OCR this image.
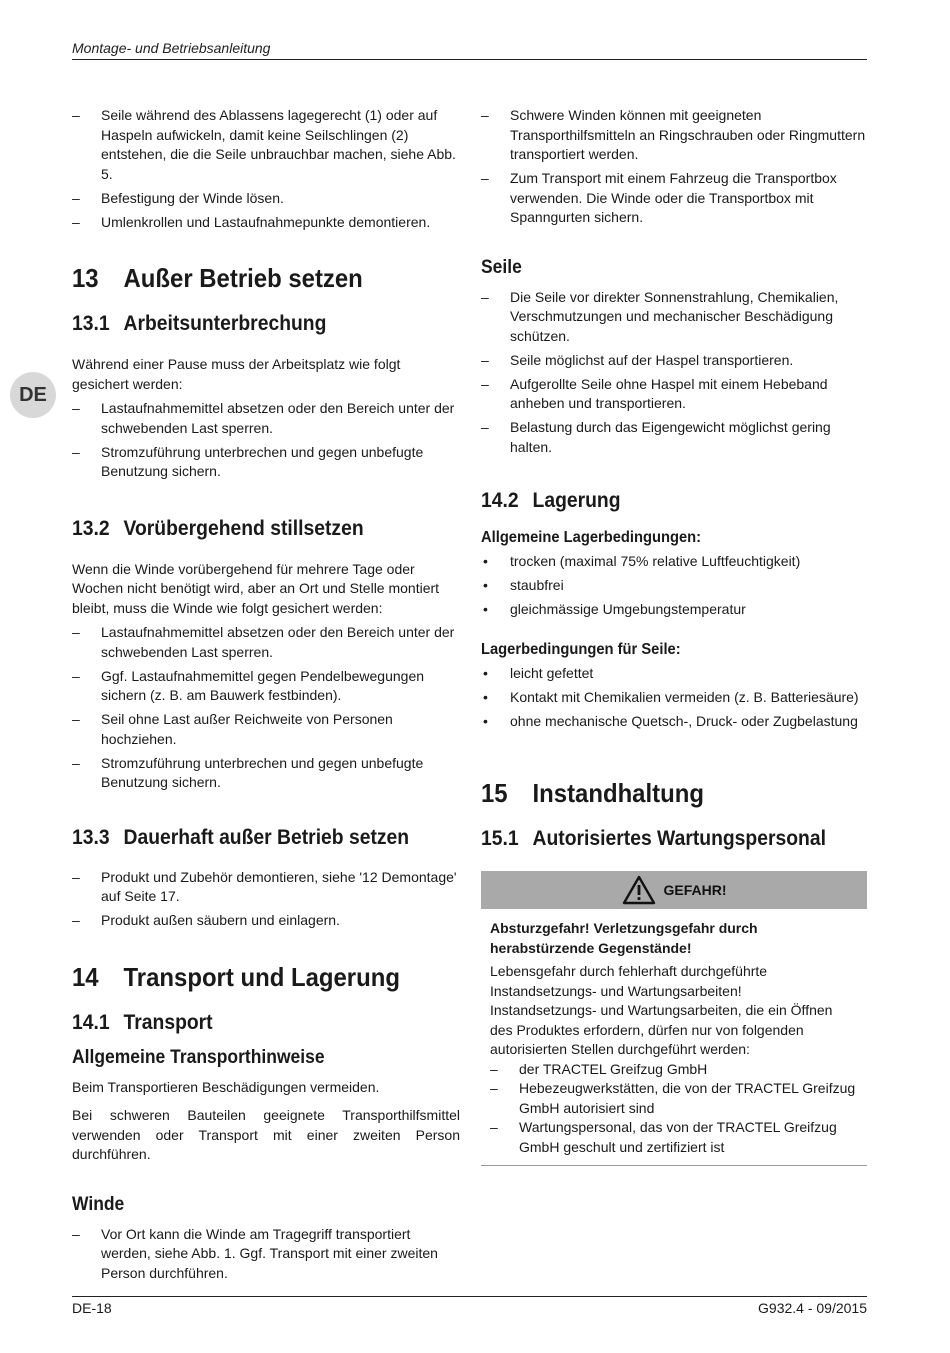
Montage- und Betriebsanleitung
DE
– Seile während des Ablassens lagegerecht (1) oder auf Haspeln aufwickeln, damit keine Seilschlingen (2) entstehen, die die Seile unbrauchbar machen, siehe Abb. 5.
– Befestigung der Winde lösen.
– Umlenkrollen und Lastaufnahmepunkte demontieren.
13 Außer Betrieb setzen
13.1 Arbeitsunterbrechung

Während einer Pause muss der Arbeitsplatz wie folgt gesichert werden:

– Lastaufnahmemittel absetzen oder den Bereich unter der schwebenden Last sperren.
– Stromzuführung unterbrechen und gegen unbefugte Benutzung sichern.
13.2 Vorübergehend stillsetzen

Wenn die Winde vorübergehend für mehrere Tage oder Wochen nicht benötigt wird, aber an Ort und Stelle montiert bleibt, muss die Winde wie folgt gesichert werden:

– Lastaufnahmemittel absetzen oder den Bereich unter der schwebenden Last sperren.
– Ggf. Lastaufnahmemittel gegen Pendelbewegungen sichern (z. B. am Bauwerk festbinden).
– Seil ohne Last außer Reichweite von Personen hochziehen.
– Stromzuführung unterbrechen und gegen unbefugte Benutzung sichern.
13.3 Dauerhaft außer Betrieb setzen
– Produkt und Zubehör demontieren, siehe '12 Demontage' auf Seite 17.
– Produkt außen säubern und einlagern.
14 Transport und Lagerung
14.1 Transport
Allgemeine Transporthinweise

Beim Transportieren Beschädigungen vermeiden.

Bei schweren Bauteilen geeignete Transporthilfsmittel verwenden oder Transport mit einer zweiten Person durchführen.

Winde
– Vor Ort kann die Winde am Tragegriff transportiert werden, siehe Abb. 1. Ggf. Transport mit einer zweiten Person durchführen.
– Schwere Winden können mit geeigneten Transporthilfsmitteln an Ringschrauben oder Ringmuttern transportiert werden.
– Zum Transport mit einem Fahrzeug die Transportbox verwenden. Die Winde oder die Transportbox mit Spanngurten sichern.
Seile
– Die Seile vor direkter Sonnenstrahlung, Chemikalien, Verschmutzungen und mechanischer Beschädigung schützen.
– Seile möglichst auf der Haspel transportieren.
– Aufgerollte Seile ohne Haspel mit einem Hebeband anheben und transportieren.
– Belastung durch das Eigengewicht möglichst gering halten.
14.2 Lagerung
Allgemeine Lagerbedingungen:
• trocken (maximal 75% relative Luftfeuchtigkeit)
• staubfrei
• gleichmässige Umgebungstemperatur
Lagerbedingungen für Seile:
• leicht gefettet
• Kontakt mit Chemikalien vermeiden (z. B. Batteriesäure)
• ohne mechanische Quetsch-, Druck- oder Zugbelastung
15 Instandhaltung
15.1 Autorisiertes Wartungspersonal
GEFAHR!
Absturzgefahr! Verletzungsgefahr durch herabstürzende Gegenstände!

Lebensgefahr durch fehlerhaft durchgeführte Instandsetzungs- und Wartungsarbeiten!

Instandsetzungs- und Wartungsarbeiten, die ein Öffnen des Produktes erfordern, dürfen nur von folgenden autorisierten Stellen durchgeführt werden:

– der TRACTEL Greifzug GmbH
– Hebezeugwerkstätten, die von der TRACTEL Greifzug GmbH autorisiert sind
– Wartungspersonal, das von der TRACTEL Greifzug GmbH geschult und zertifiziert ist
DE-18	G932.4 - 09/2015
